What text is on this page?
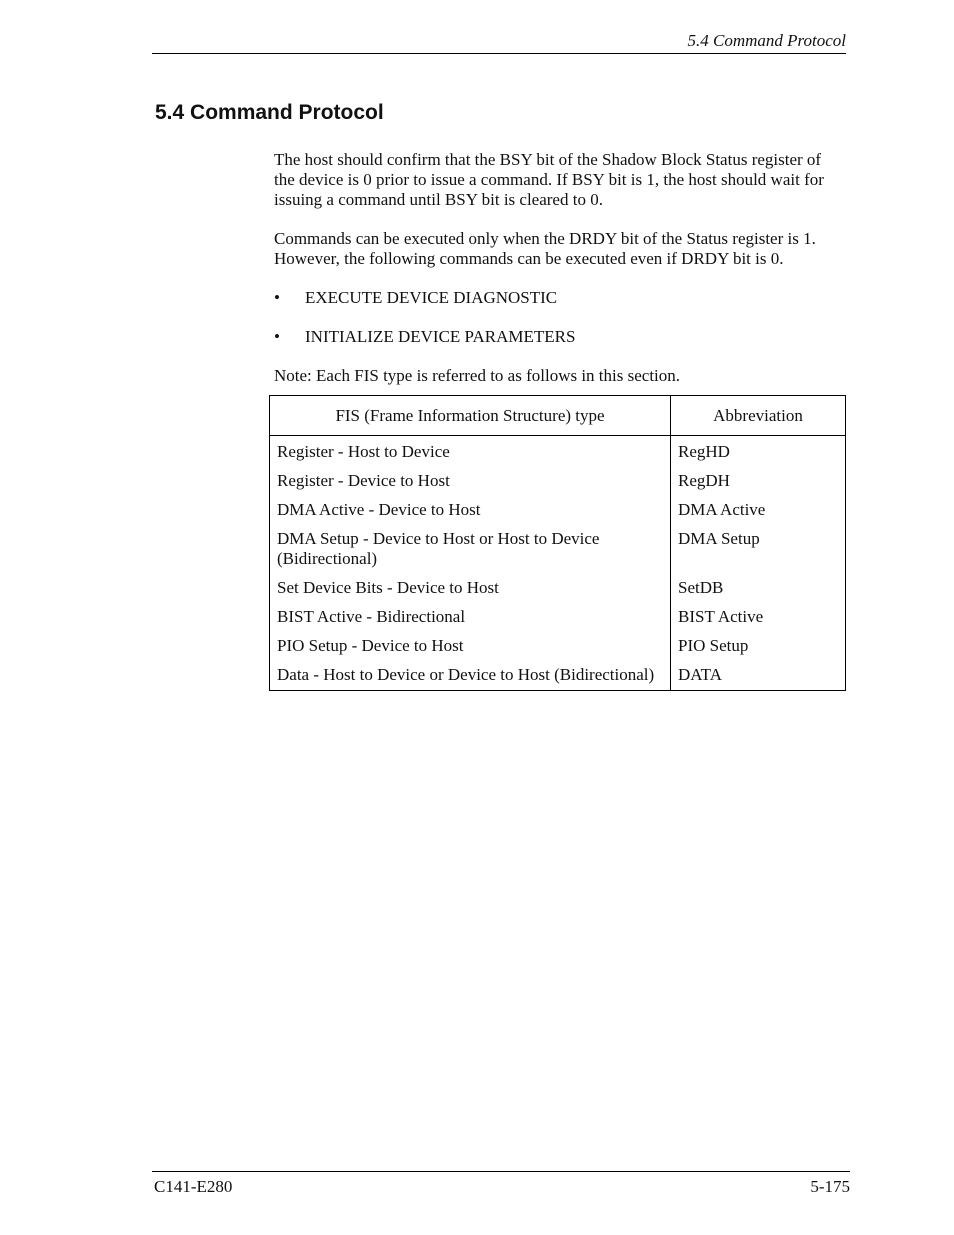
5.4 Command Protocol
5.4 Command Protocol

The host should confirm that the BSY bit of the Shadow Block Status register of the device is 0 prior to issue a command. If BSY bit is 1, the host should wait for issuing a command until BSY bit is cleared to 0.

Commands can be executed only when the DRDY bit of the Status register is 1. However, the following commands can be executed even if DRDY bit is 0.

• EXECUTE DEVICE DIAGNOSTIC
• INITIALIZE DEVICE PARAMETERS

Note: Each FIS type is referred to as follows in this section.

FIS (Frame Information Structure) type	Abbreviation
Register - Host to Device	RegHD
Register - Device to Host	RegDH
DMA Active - Device to Host	DMA Active
DMA Setup - Device to Host or Host to Device (Bidirectional)	DMA Setup
Set Device Bits - Device to Host	SetDB
BIST Active - Bidirectional	BIST Active
PIO Setup - Device to Host	PIO Setup
Data - Host to Device or Device to Host (Bidirectional)	DATA
C141-E280	5-175
